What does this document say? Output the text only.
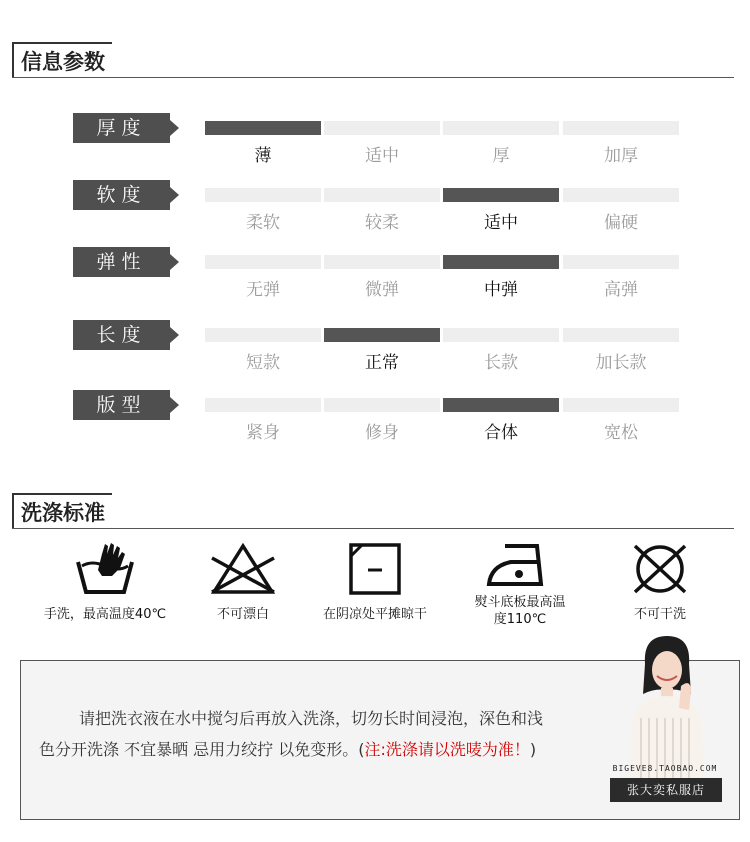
信息参数
厚度
薄	适中	厚	加厚
软度
柔软	较柔	适中	偏硬
弹性
无弹	微弹	中弹	高弹
长度
短款	正常	长款	加长款
版型
紧身	修身	合体	宽松
洗涤标准
手洗，最高温度40℃	不可漂白	在阴凉处平摊晾干
熨斗底板最高温
度110℃	不可干洗
请把洗衣液在水中搅匀后再放入洗涤，切勿长时间浸泡，深色和浅
色分开洗涤 不宜暴晒 忌用力绞拧 以免变形。(注:洗涤请以洗唛为准！)
BIGEVE8.TAOBAO.COM
张大奕私服店
